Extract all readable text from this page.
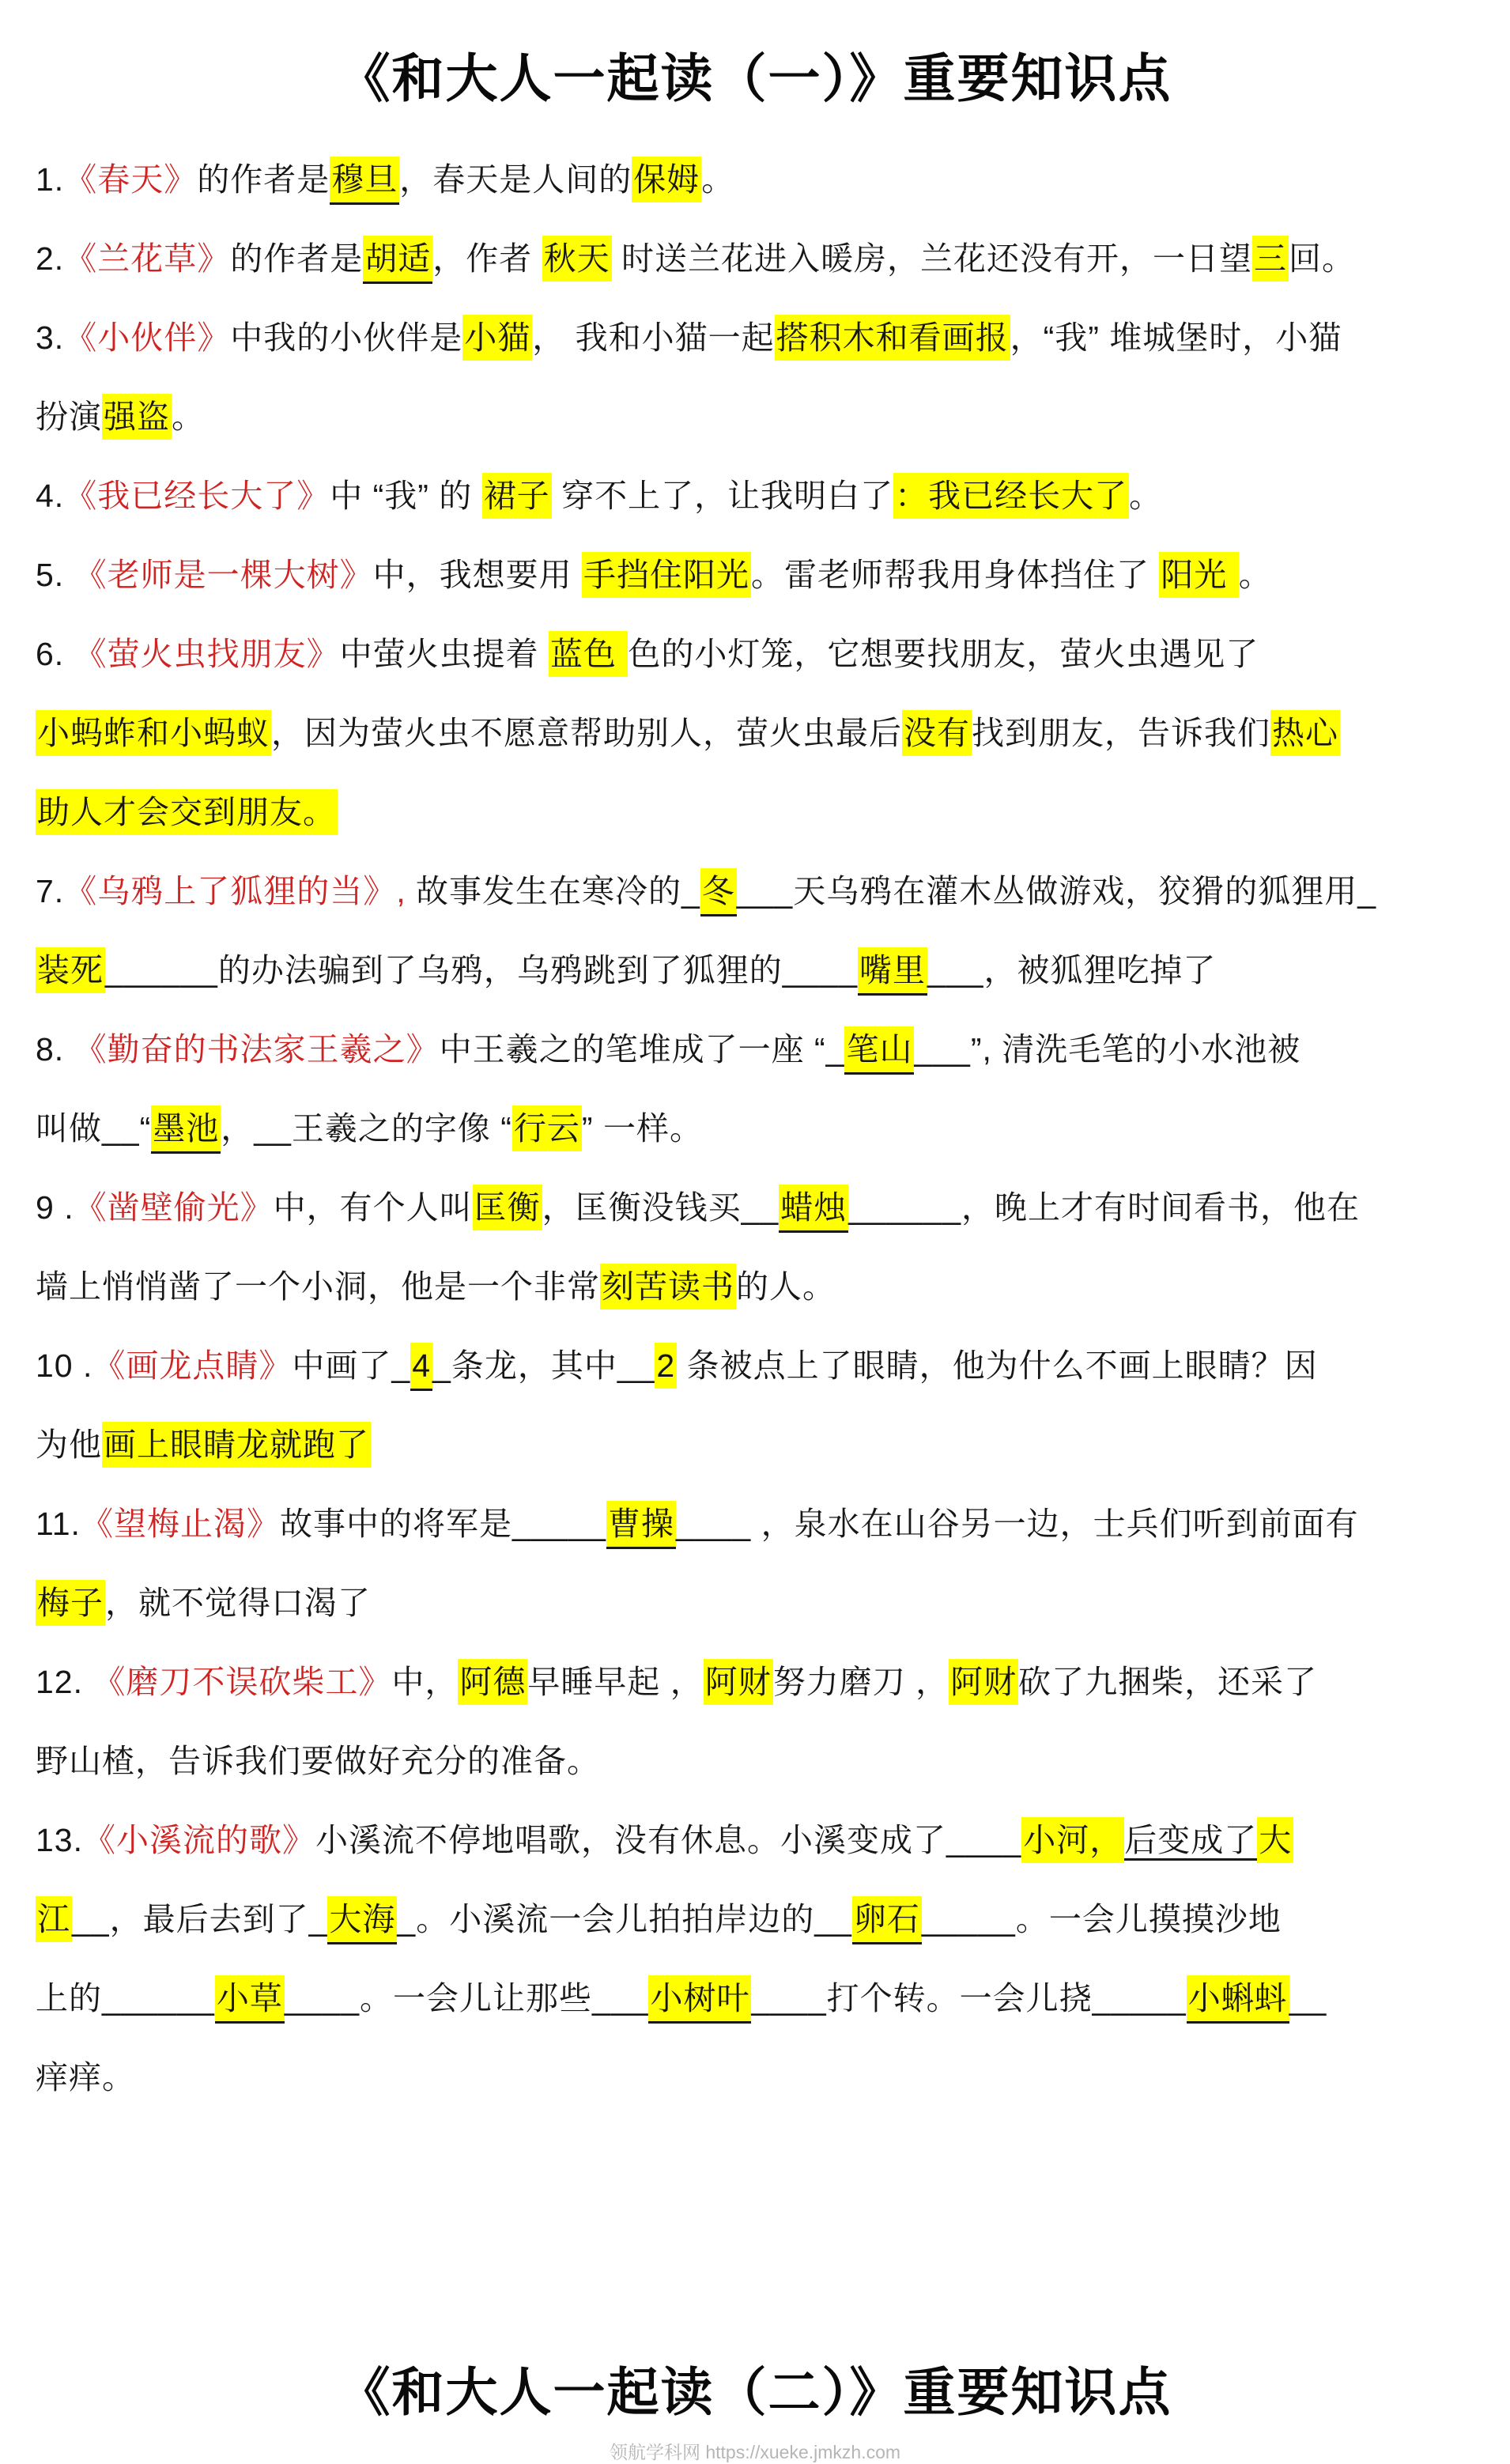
《和大人一起读（一）》重要知识点

1.《春天》的作者是穆旦，春天是人间的保姆。

2.《兰花草》的作者是胡适，作者 秋天 时送兰花进入暖房，兰花还没有开，一日望三回。

3.《小伙伴》中我的小伙伴是小猫， 我和小猫一起搭积木和看画报，“我” 堆城堡时，小猫
扮演强盗。

4.《我已经长大了》中 “我” 的 裙子 穿不上了，让我明白了：我已经长大了。

5. 《老师是一棵大树》中，我想要用 手挡住阳光。雷老师帮我用身体挡住了 阳光 。

6. 《萤火虫找朋友》中萤火虫提着 蓝色 色的小灯笼，它想要找朋友，萤火虫遇见了
小蚂蚱和小蚂蚁，因为萤火虫不愿意帮助别人，萤火虫最后没有找到朋友，告诉我们热心
助人才会交到朋友。

7.《乌鸦上了狐狸的当》, 故事发生在寒冷的_冬___天乌鸦在灌木丛做游戏，狡猾的狐狸用_
装死______的办法骗到了乌鸦，乌鸦跳到了狐狸的____嘴里___，被狐狸吃掉了

8. 《勤奋的书法家王羲之》中王羲之的笔堆成了一座 “_笔山___”, 清洗毛笔的小水池被
叫做__“墨池，__王羲之的字像 “行云” 一样。

9 .《凿壁偷光》中，有个人叫匡衡，匡衡没钱买__蜡烛______，晚上才有时间看书，他在
墙上悄悄凿了一个小洞，他是一个非常刻苦读书的人。

10 .《画龙点睛》中画了_4_条龙，其中__2 条被点上了眼睛，他为什么不画上眼睛？因
为他画上眼睛龙就跑了

11.《望梅止渴》故事中的将军是_____曹操____ ，泉水在山谷另一边，士兵们听到前面有
梅子，就不觉得口渴了

12. 《磨刀不误砍柴工》中，阿德早睡早起 ，阿财努力磨刀 ，阿财砍了九捆柴，还采了
野山楂，告诉我们要做好充分的准备。

13.《小溪流的歌》小溪流不停地唱歌，没有休息。小溪变成了____小河，后变成了大
江__，最后去到了_大海_。小溪流一会儿拍拍岸边的__卵石_____。一会儿摸摸沙地
上的______小草____。一会儿让那些___小树叶____打个转。一会儿挠_____小蝌蚪__
痒痒。

《和大人一起读（二）》重要知识点
领航学科网 https://xueke.jmkzh.com
